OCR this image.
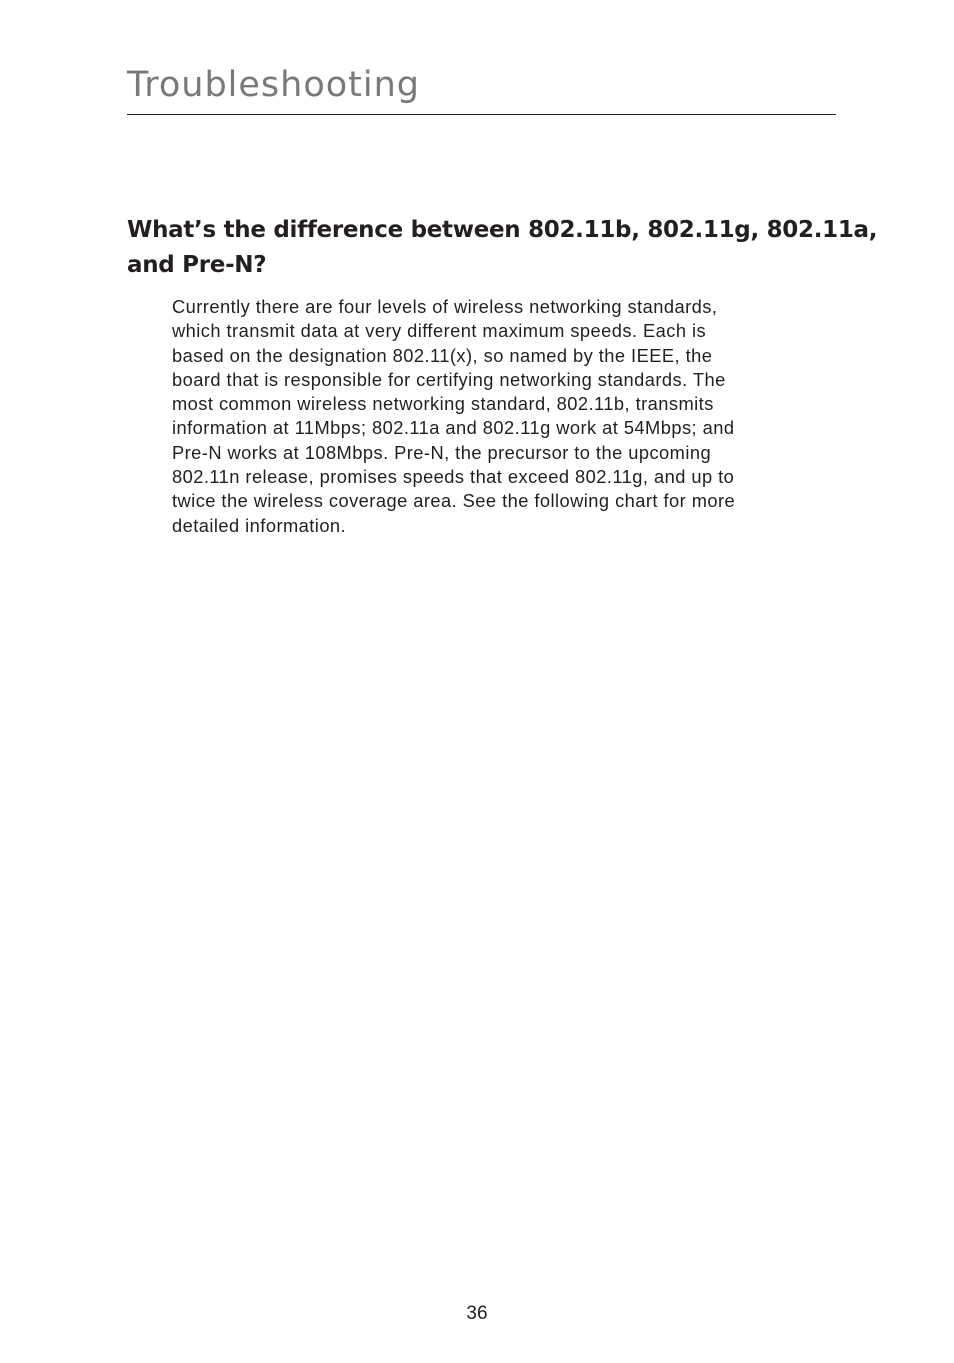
Troubleshooting
What’s the difference between 802.11b, 802.11g, 802.11a,
and Pre-N?

Currently there are four levels of wireless networking standards,
which transmit data at very different maximum speeds. Each is
based on the designation 802.11(x), so named by the IEEE, the
board that is responsible for certifying networking standards. The
most common wireless networking standard, 802.11b, transmits
information at 11Mbps; 802.11a and 802.11g work at 54Mbps; and
Pre-N works at 108Mbps. Pre-N, the precursor to the upcoming
802.11n release, promises speeds that exceed 802.11g, and up to
twice the wireless coverage area. See the following chart for more
detailed information.

36
